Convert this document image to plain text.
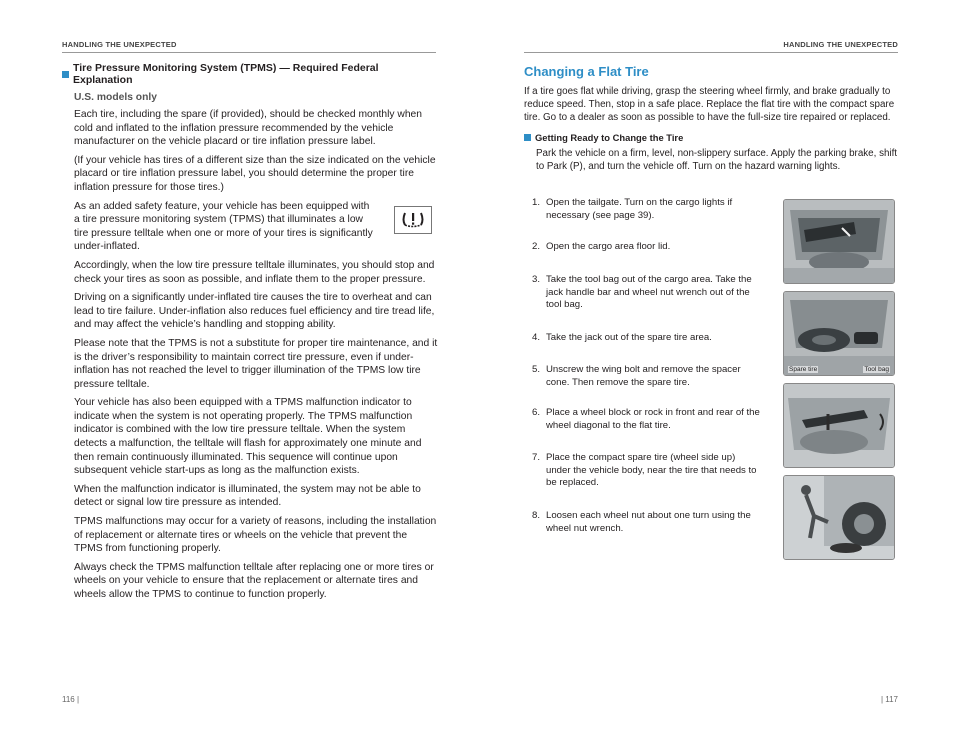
HANDLING THE UNEXPECTED
Tire Pressure Monitoring System (TPMS) — Required Federal Explanation
U.S. models only

Each tire, including the spare (if provided), should be checked monthly when cold and inflated to the inflation pressure recommended by the vehicle manufacturer on the vehicle placard or tire inflation pressure label.

(If your vehicle has tires of a different size than the size indicated on the vehicle placard or tire inflation pressure label, you should determine the proper tire inflation pressure for those tires.)

As an added safety feature, your vehicle has been equipped with a tire pressure monitoring system (TPMS) that illuminates a low tire pressure telltale when one or more of your tires is significantly under-inflated.

Accordingly, when the low tire pressure telltale illuminates, you should stop and check your tires as soon as possible, and inflate them to the proper pressure.

Driving on a significantly under-inflated tire causes the tire to overheat and can lead to tire failure. Under-inflation also reduces fuel efficiency and tire tread life, and may affect the vehicle’s handling and stopping ability.

Please note that the TPMS is not a substitute for proper tire maintenance, and it is the driver’s responsibility to maintain correct tire pressure, even if under-inflation has not reached the level to trigger illumination of the TPMS low tire pressure telltale.

Your vehicle has also been equipped with a TPMS malfunction indicator to indicate when the system is not operating properly. The TPMS malfunction indicator is combined with the low tire pressure telltale. When the system detects a malfunction, the telltale will flash for approximately one minute and then remain continuously illuminated. This sequence will continue upon subsequent vehicle start-ups as long as the malfunction exists.

When the malfunction indicator is illuminated, the system may not be able to detect or signal low tire pressure as intended.

TPMS malfunctions may occur for a variety of reasons, including the installation of replacement or alternate tires or wheels on the vehicle that prevent the TPMS from functioning properly.

Always check the TPMS malfunction telltale after replacing one or more tires or wheels on your vehicle to ensure that the replacement or alternate tires and wheels allow the TPMS to continue to function properly.

116 |
HANDLING THE UNEXPECTED
Changing a Flat Tire
If a tire goes flat while driving, grasp the steering wheel firmly, and brake gradually to reduce speed. Then, stop in a safe place. Replace the flat tire with the compact spare tire. Go to a dealer as soon as possible to have the full-size tire repaired or replaced.
Getting Ready to Change the Tire
Park the vehicle on a firm, level, non-slippery surface. Apply the parking brake, shift to Park (P), and turn the vehicle off. Turn on the hazard warning lights.
1. Open the tailgate. Turn on the cargo lights if necessary (see page 39).
2. Open the cargo area floor lid.
3. Take the tool bag out of the cargo area. Take the jack handle bar and wheel nut wrench out of the tool bag.
4. Take the jack out of the spare tire area.
5. Unscrew the wing bolt and remove the spacer cone. Then remove the spare tire.
6. Place a wheel block or rock in front and rear of the wheel diagonal to the flat tire.
7. Place the compact spare tire (wheel side up) under the vehicle body, near the tire that needs to be replaced.
8. Loosen each wheel nut about one turn using the wheel nut wrench.
Spare tire	Tool bag
| 117
